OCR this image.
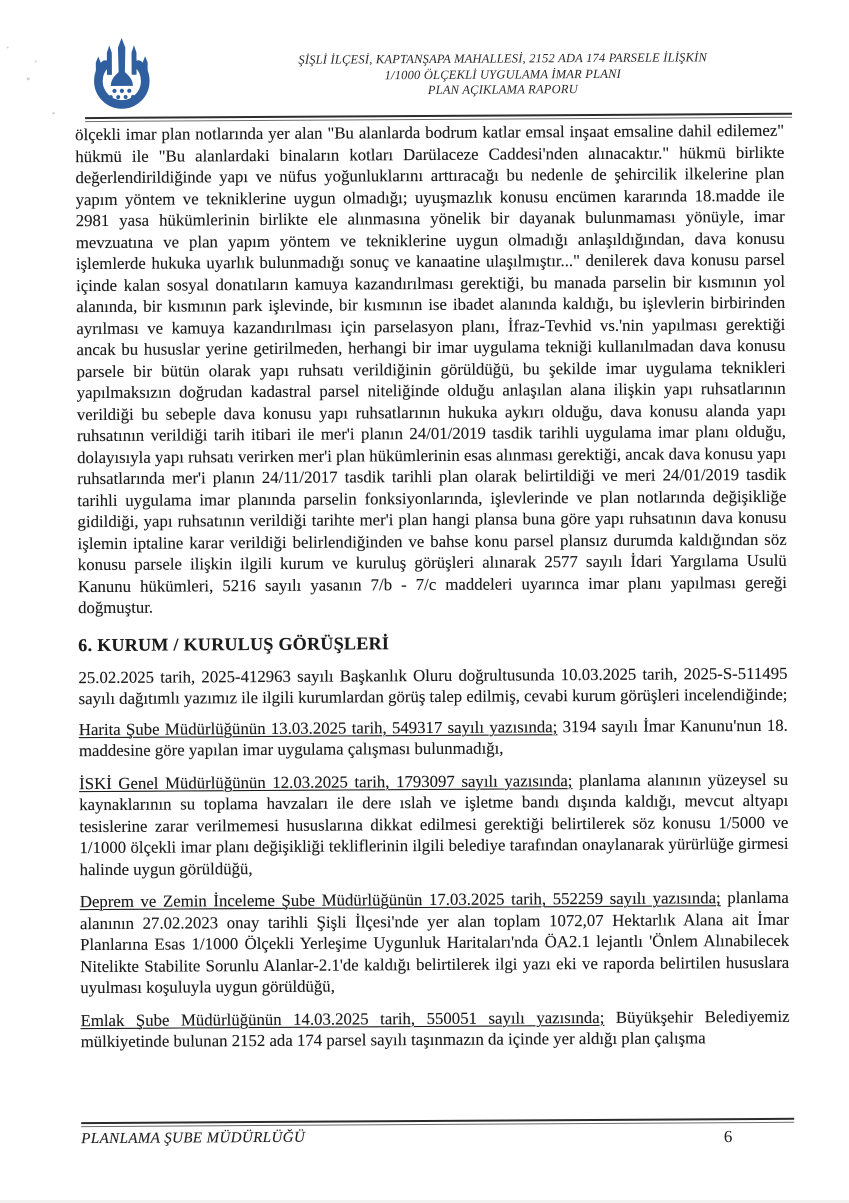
ŞİŞLİ İLÇESİ, KAPTANŞAPA MAHALLESİ, 2152 ADA 174 PARSELE İLİŞKİN
1/1000 ÖLÇEKLİ UYGULAMA İMAR PLANI
PLAN AÇIKLAMA RAPORU

ölçekli imar plan notlarında yer alan "Bu alanlarda bodrum katlar emsal inşaat emsaline dahil edilemez" hükmü ile "Bu alanlardaki binaların kotları Darülaceze Caddesi'nden alınacaktır." hükmü birlikte değerlendirildiğinde yapı ve nüfus yoğunluklarını arttıracağı bu nedenle de şehircilik ilkelerine plan yapım yöntem ve tekniklerine uygun olmadığı; uyuşmazlık konusu encümen kararında 18.madde ile 2981 yasa hükümlerinin birlikte ele alınmasına yönelik bir dayanak bulunmaması yönüyle, imar mevzuatına ve plan yapım yöntem ve tekniklerine uygun olmadığı anlaşıldığından, dava konusu işlemlerde hukuka uyarlık bulunmadığı sonuç ve kanaatine ulaşılmıştır..." denilerek dava konusu parsel içinde kalan sosyal donatıların kamuya kazandırılması gerektiği, bu manada parselin bir kısmının yol alanında, bir kısmının park işlevinde, bir kısmının ise ibadet alanında kaldığı, bu işlevlerin birbirinden ayrılması ve kamuya kazandırılması için parselasyon planı, İfraz-Tevhid vs.'nin yapılması gerektiği ancak bu hususlar yerine getirilmeden, herhangi bir imar uygulama tekniği kullanılmadan dava konusu parsele bir bütün olarak yapı ruhsatı verildiğinin görüldüğü, bu şekilde imar uygulama teknikleri yapılmaksızın doğrudan kadastral parsel niteliğinde olduğu anlaşılan alana ilişkin yapı ruhsatlarının verildiği bu sebeple dava konusu yapı ruhsatlarının hukuka aykırı olduğu, dava konusu alanda yapı ruhsatının verildiği tarih itibari ile mer'i planın 24/01/2019 tasdik tarihli uygulama imar planı olduğu, dolayısıyla yapı ruhsatı verirken mer'i plan hükümlerinin esas alınması gerektiği, ancak dava konusu yapı ruhsatlarında mer'i planın 24/11/2017 tasdik tarihli plan olarak belirtildiği ve meri 24/01/2019 tasdik tarihli uygulama imar planında parselin fonksiyonlarında, işlevlerinde ve plan notlarında değişikliğe gidildiği, yapı ruhsatının verildiği tarihte mer'i plan hangi plansa buna göre yapı ruhsatının dava konusu işlemin iptaline karar verildiği belirlendiğinden ve bahse konu parsel plansız durumda kaldığından söz konusu parsele ilişkin ilgili kurum ve kuruluş görüşleri alınarak 2577 sayılı İdari Yargılama Usulü Kanunu hükümleri, 5216 sayılı yasanın 7/b - 7/c maddeleri uyarınca imar planı yapılması gereği doğmuştur.

6. KURUM / KURULUŞ GÖRÜŞLERİ

25.02.2025 tarih, 2025-412963 sayılı Başkanlık Oluru doğrultusunda 10.03.2025 tarih, 2025-S-511495 sayılı dağıtımlı yazımız ile ilgili kurumlardan görüş talep edilmiş, cevabi kurum görüşleri incelendiğinde;

Harita Şube Müdürlüğünün 13.03.2025 tarih, 549317 sayılı yazısında; 3194 sayılı İmar Kanunu'nun 18. maddesine göre yapılan imar uygulama çalışması bulunmadığı,

İSKİ Genel Müdürlüğünün 12.03.2025 tarih, 1793097 sayılı yazısında; planlama alanının yüzeysel su kaynaklarının su toplama havzaları ile dere ıslah ve işletme bandı dışında kaldığı, mevcut altyapı tesislerine zarar verilmemesi hususlarına dikkat edilmesi gerektiği belirtilerek söz konusu 1/5000 ve 1/1000 ölçekli imar planı değişikliği tekliflerinin ilgili belediye tarafından onaylanarak yürürlüğe girmesi halinde uygun görüldüğü,

Deprem ve Zemin İnceleme Şube Müdürlüğünün 17.03.2025 tarih, 552259 sayılı yazısında; planlama alanının 27.02.2023 onay tarihli Şişli İlçesi'nde yer alan toplam 1072,07 Hektarlık Alana ait İmar Planlarına Esas 1/1000 Ölçekli Yerleşime Uygunluk Haritaları'nda ÖA2.1 lejantlı 'Önlem Alınabilecek Nitelikte Stabilite Sorunlu Alanlar-2.1'de kaldığı belirtilerek ilgi yazı eki ve raporda belirtilen hususlara uyulması koşuluyla uygun görüldüğü,

Emlak Şube Müdürlüğünün 14.03.2025 tarih, 550051 sayılı yazısında; Büyükşehir Belediyemiz mülkiyetinde bulunan 2152 ada 174 parsel sayılı taşınmazın da içinde yer aldığı plan çalışma

PLANLAMA ŞUBE MÜDÜRLÜĞÜ	6
